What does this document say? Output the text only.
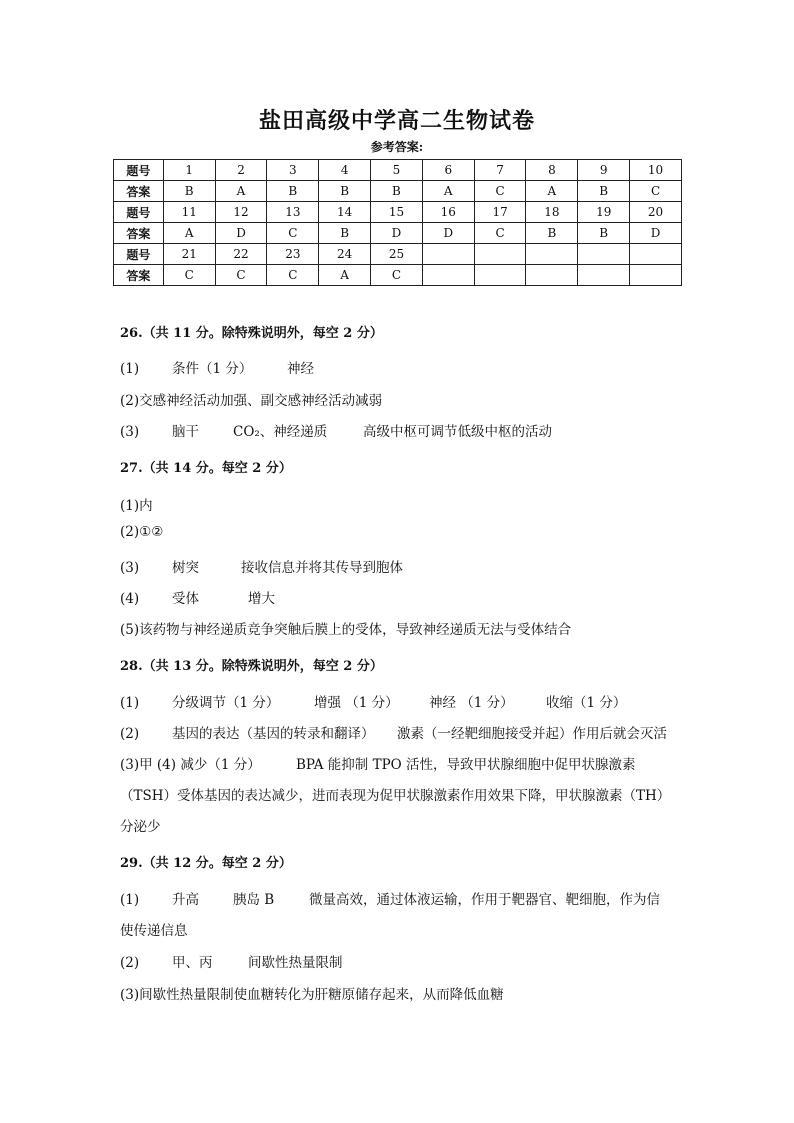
盐田高级中学高二生物试卷
参考答案:
题号	1	2	3	4	5	6	7	8	9	10
答案	B	A	B	B	B	A	C	A	B	C
题号	11	12	13	14	15	16	17	18	19	20
答案	A	D	C	B	D	D	C	B	B	D
题号	21	22	23	24	25					
答案	C	C	C	A	C					
26.（共 11 分。除特殊说明外，每空 2 分）
(1) 条件（1 分）	神经
(2)交感神经活动加强、副交感神经活动减弱
(3) 脑干	CO₂、神经递质	高级中枢可调节低级中枢的活动
27.（共 14 分。每空 2 分）
(1)内
(2)①②
(3) 树突	接收信息并将其传导到胞体
(4) 受体	增大
(5)该药物与神经递质竞争突触后膜上的受体，导致神经递质无法与受体结合
28.（共 13 分。除特殊说明外，每空 2 分）
(1) 分级调节（1 分）	增强 （1 分） 神经 （1 分） 收缩（1 分）
(2) 基因的表达（基因的转录和翻译） 激素（一经靶细胞接受并起）作用后就会灭活
(3)甲 (4) 减少（1 分）	BPA 能抑制 TPO 活性，导致甲状腺细胞中促甲状腺激素
（TSH）受体基因的表达减少，进而表现为促甲状腺激素作用效果下降，甲状腺激素（TH）
分泌少
29.（共 12 分。每空 2 分）
(1) 升高	胰岛 B	微量高效，通过体液运输，作用于靶器官、靶细胞，作为信
使传递信息
(2) 甲、丙	间歇性热量限制
(3)间歇性热量限制使血糖转化为肝糖原储存起来，从而降低血糖
